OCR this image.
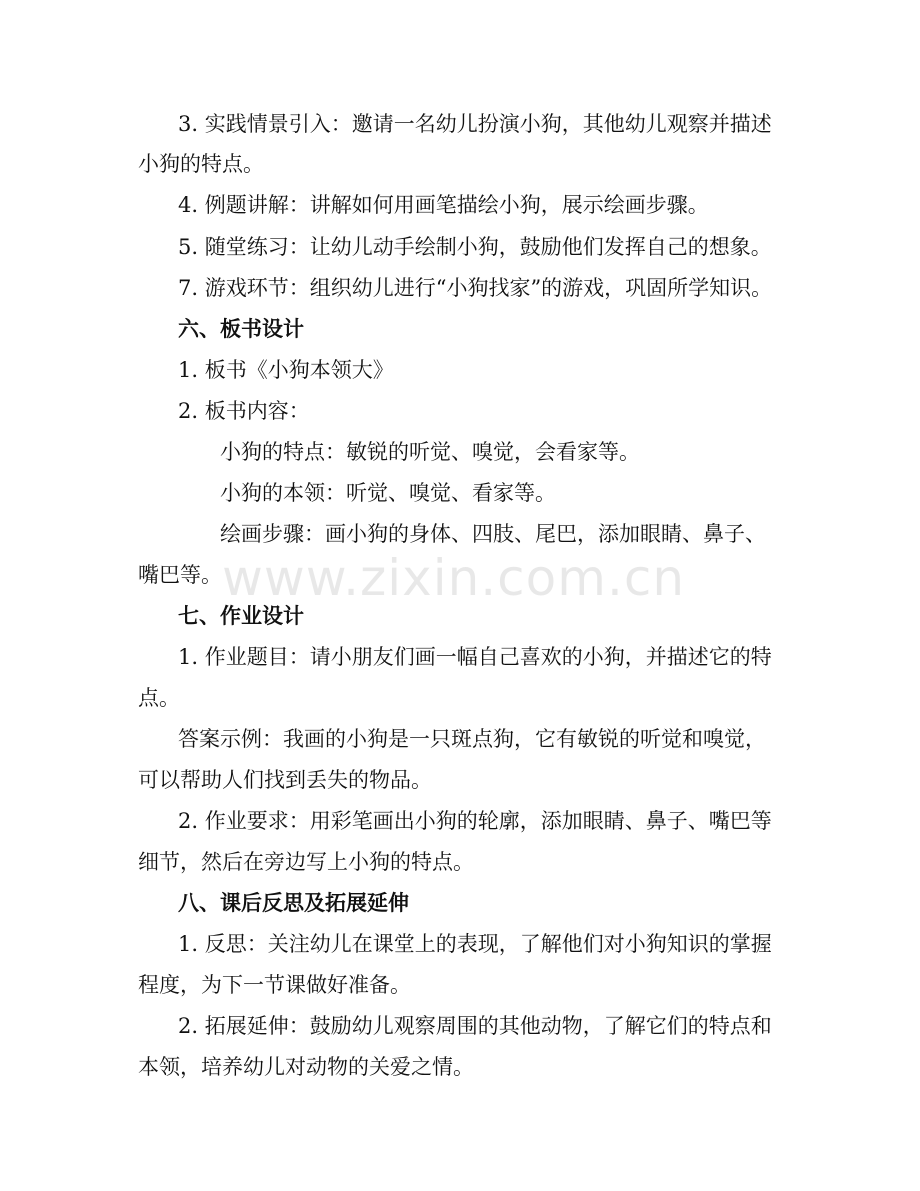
3. 实践情景引入：邀请一名幼儿扮演小狗，其他幼儿观察并描述
小狗的特点。
4. 例题讲解：讲解如何用画笔描绘小狗，展示绘画步骤。
5. 随堂练习：让幼儿动手绘制小狗，鼓励他们发挥自己的想象。
7. 游戏环节：组织幼儿进行“小狗找家”的游戏，巩固所学知识。
六、板书设计
1. 板书《小狗本领大》
2. 板书内容：
小狗的特点：敏锐的听觉、嗅觉，会看家等。
小狗的本领：听觉、嗅觉、看家等。
绘画步骤：画小狗的身体、四肢、尾巴，添加眼睛、鼻子、
嘴巴等。
七、作业设计
1. 作业题目：请小朋友们画一幅自己喜欢的小狗，并描述它的特
点。
答案示例：我画的小狗是一只斑点狗，它有敏锐的听觉和嗅觉，
可以帮助人们找到丢失的物品。
2. 作业要求：用彩笔画出小狗的轮廓，添加眼睛、鼻子、嘴巴等
细节，然后在旁边写上小狗的特点。
八、课后反思及拓展延伸
1. 反思：关注幼儿在课堂上的表现，了解他们对小狗知识的掌握
程度，为下一节课做好准备。
2. 拓展延伸：鼓励幼儿观察周围的其他动物，了解它们的特点和
本领，培养幼儿对动物的关爱之情。
www.zixin.com.cn
